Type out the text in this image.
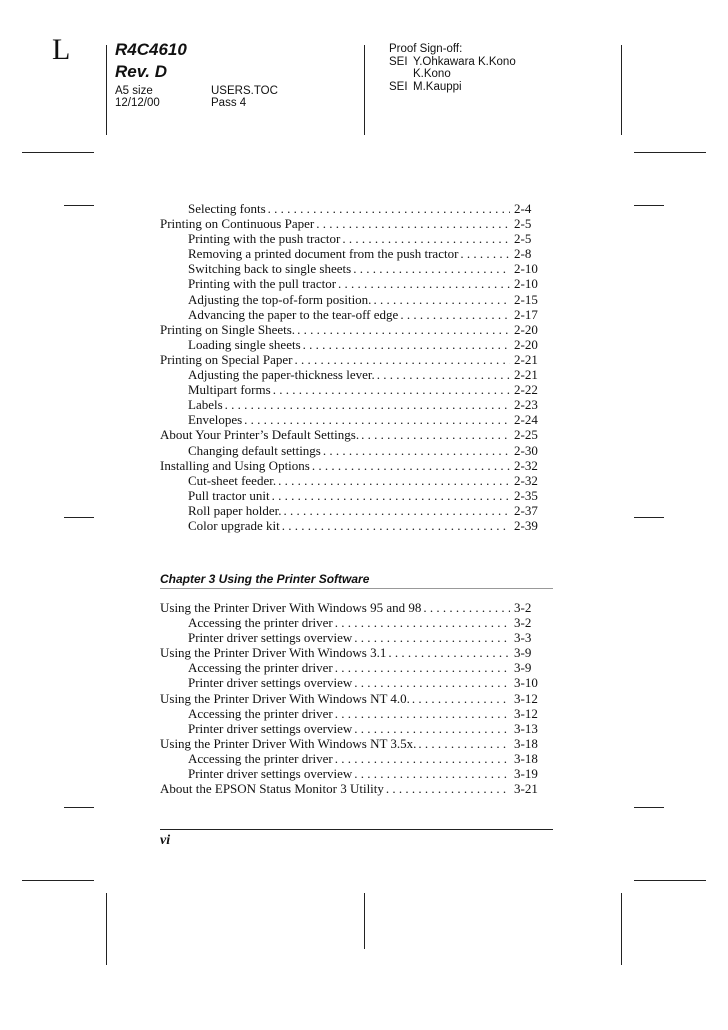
L	R4C4610
Rev. D
A5 size
12/12/00
USERS.TOC
Pass 4
Proof Sign-off:
SEI Y.Ohkawara K.Kono
K.Kono
SEI M.Kauppi
Selecting fonts . . .	2-4
Printing on Continuous Paper . . .	2-5
Printing with the push tractor . . .	2-5
Removing a printed document from the push tractor . . .	2-8
Switching back to single sheets . . .	2-10
Printing with the pull tractor . . .	2-10
Adjusting the top-of-form position. . . .	2-15
Advancing the paper to the tear-off edge . . .	2-17
Printing on Single Sheets. . . .	2-20
Loading single sheets . . .	2-20
Printing on Special Paper . . .	2-21
Adjusting the paper-thickness lever. . . .	2-21
Multipart forms . . .	2-22
Labels . . .	2-23
Envelopes . . .	2-24
About Your Printer’s Default Settings. . . .	2-25
Changing default settings . . .	2-30
Installing and Using Options . . .	2-32
Cut-sheet feeder. . . .	2-32
Pull tractor unit . . .	2-35
Roll paper holder. . . .	2-37
Color upgrade kit . . .	2-39
Chapter 3 Using the Printer Software
Using the Printer Driver With Windows 95 and 98 . . .	3-2
Accessing the printer driver . . .	3-2
Printer driver settings overview . . .	3-3
Using the Printer Driver With Windows 3.1 . . .	3-9
Accessing the printer driver . . .	3-9
Printer driver settings overview . . .	3-10
Using the Printer Driver With Windows NT 4.0. . . .	3-12
Accessing the printer driver . . .	3-12
Printer driver settings overview . . .	3-13
Using the Printer Driver With Windows NT 3.5x. . . .	3-18
Accessing the printer driver . . .	3-18
Printer driver settings overview . . .	3-19
About the EPSON Status Monitor 3 Utility . . .	3-21
vi
